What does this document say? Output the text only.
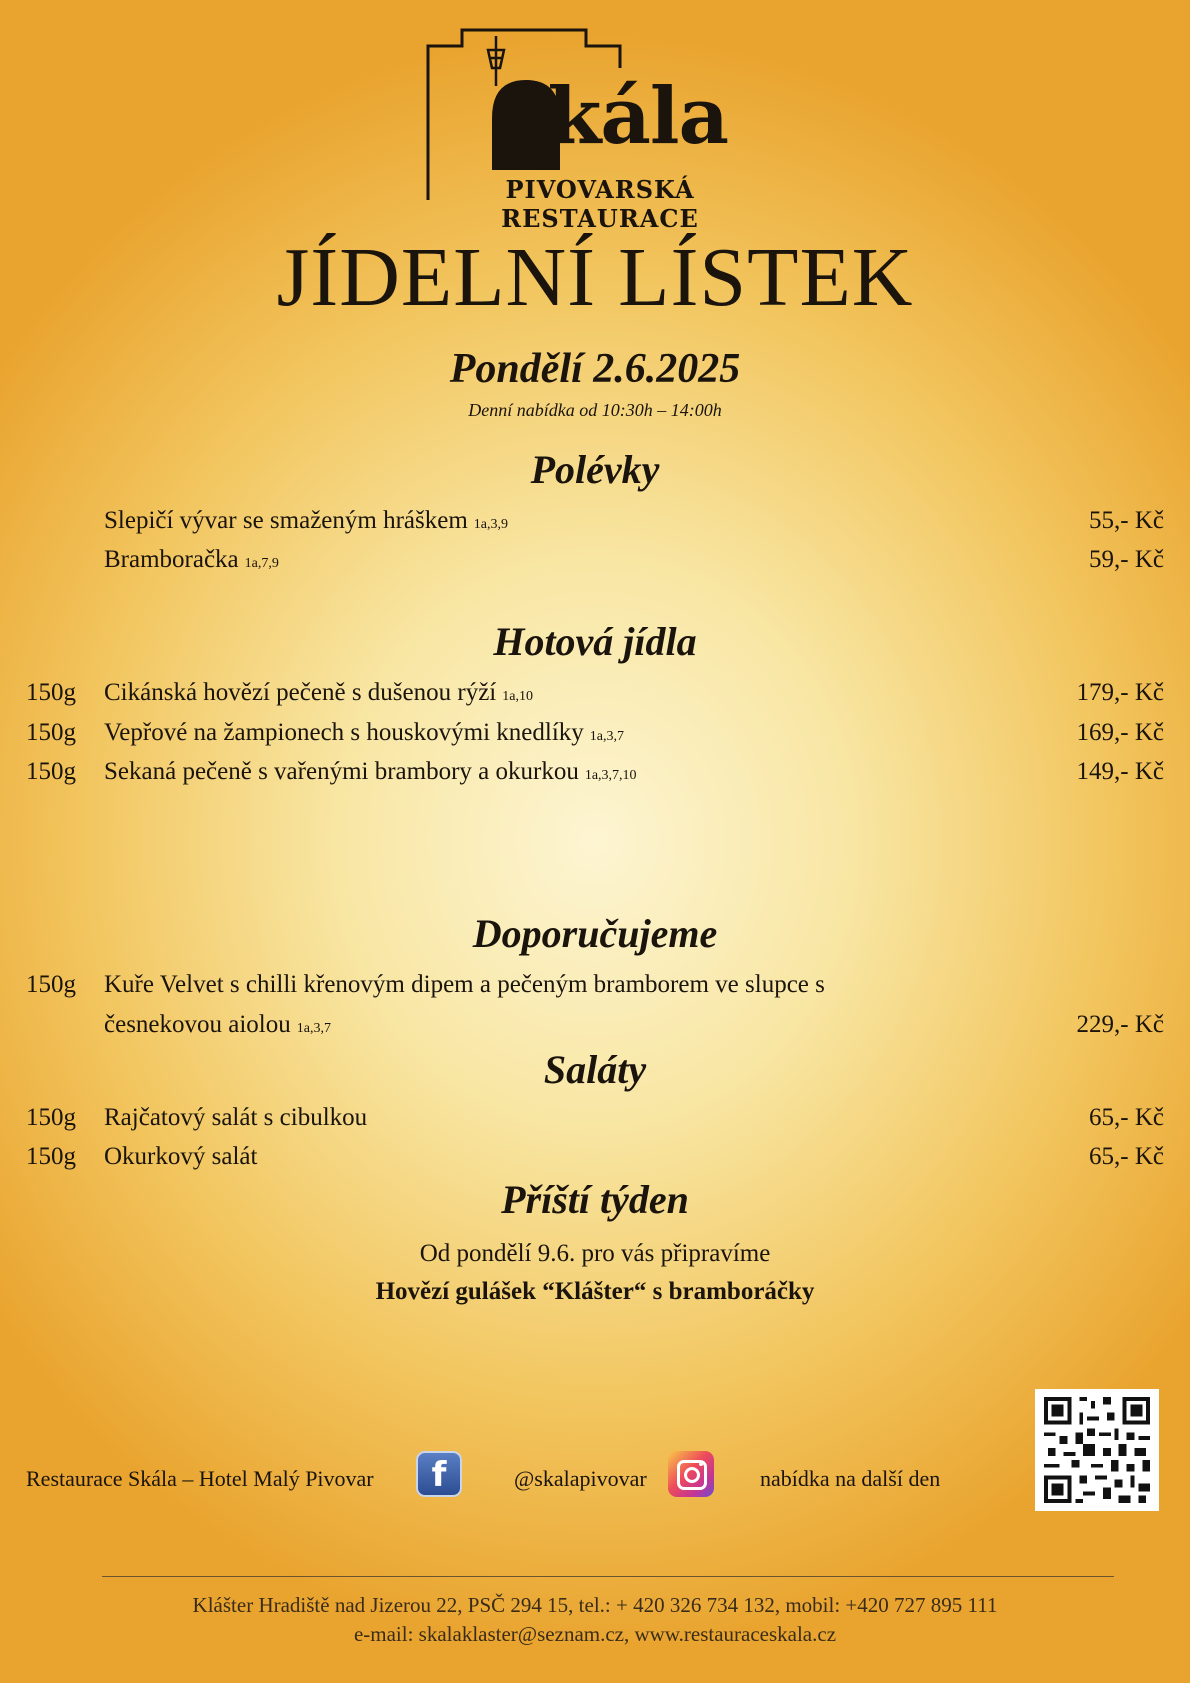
Skála
PIVOVARSKÁ RESTAURACE
JÍDELNÍ LÍSTEK
Pondělí 2.6.2025
Denní nabídka od 10:30h – 14:00h
Polévky
Slepičí vývar se smaženým hráškem 1a,3,9	55,- Kč
Bramboračka 1a,7,9	59,- Kč
Hotová jídla
150g Cikánská hovězí pečeně s dušenou rýží 1a,10	179,- Kč
150g Vepřové na žampionech s houskovými knedlíky 1a,3,7	169,- Kč
150g Sekaná pečeně s vařenými brambory a okurkou 1a,3,7,10	149,- Kč
Doporučujeme
150g Kuře Velvet s chilli křenovým dipem a pečeným bramborem ve slupce s
česnekovou aiolou 1a,3,7	229,- Kč
Saláty
150g Rajčatový salát s cibulkou	65,- Kč
150g Okurkový salát	65,- Kč
Příští týden
Od pondělí 9.6. pro vás připravíme
Hovězí gulášek “Klášter“ s bramboráčky
Restaurace Skála – Hotel Malý Pivovar	f	@skalapivovar	nabídka na další den
Klášter Hradiště nad Jizerou 22, PSČ 294 15, tel.: + 420 326 734 132, mobil: +420 727 895 111
e-mail: skalaklaster@seznam.cz, www.restauraceskala.cz
